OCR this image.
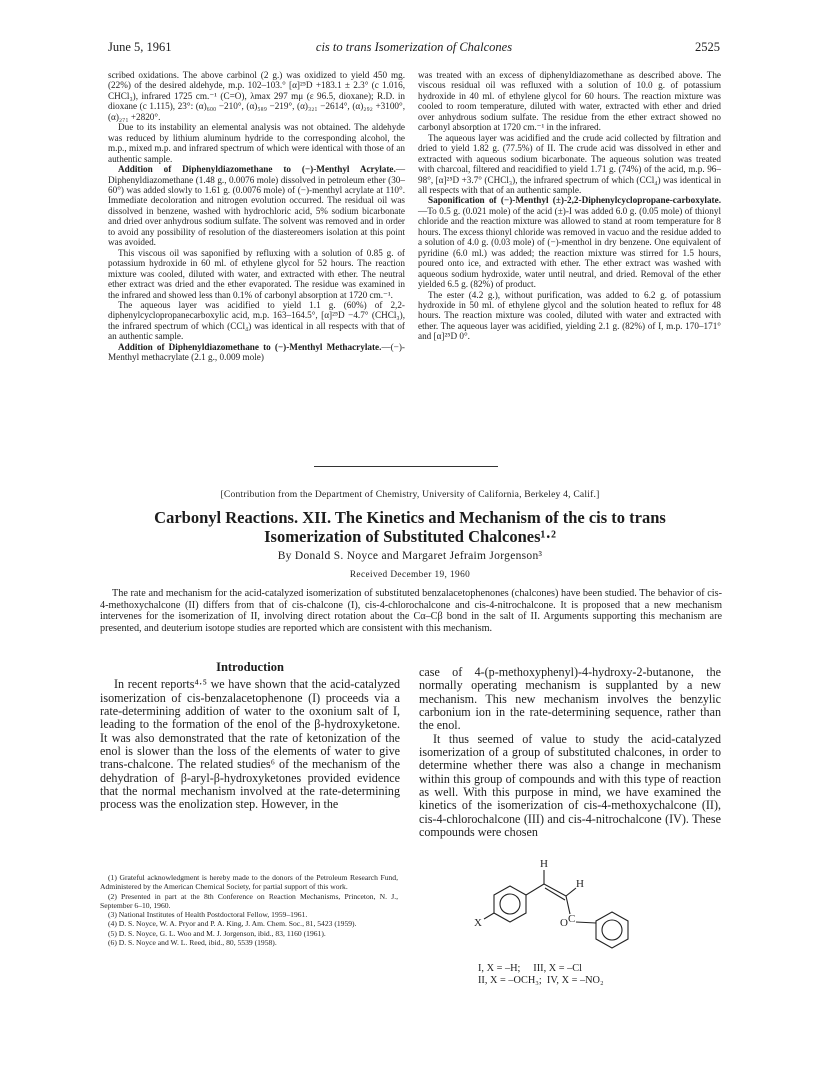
June 5, 1961	cis to trans Isomerization of Chalcones	2525

scribed oxidations. The above carbinol (2 g.) was oxidized to yield 450 mg. (22%) of the desired aldehyde, m.p. 102–103.° [α]²⁵D +183.1 ± 2.3° (c 1.016, CHCl₃), infrared 1725 cm.⁻¹ (C=O), λmax 297 mμ (ε 96.5, dioxane); R.D. in dioxane (c 1.115), 23°: (α)₆₀₀ −210°, (α)₅₈₉ −219°, (α)₃₂₁ −2614°, (α)₂₉₂ +3100°, (α)₂₇₁ +2820°.

Due to its instability an elemental analysis was not obtained. The aldehyde was reduced by lithium aluminum hydride to the corresponding alcohol, the m.p., mixed m.p. and infrared spectrum of which were identical with those of an authentic sample.

Addition of Diphenyldiazomethane to (−)-Menthyl Acrylate.—Diphenyldiazomethane (1.48 g., 0.0076 mole) dissolved in petroleum ether (30–60°) was added slowly to 1.61 g. (0.0076 mole) of (−)-menthyl acrylate at 110°. Immediate decoloration and nitrogen evolution occurred. The residual oil was dissolved in benzene, washed with hydrochloric acid, 5% sodium bicarbonate and dried over anhydrous sodium sulfate. The solvent was removed and in order to avoid any possibility of resolution of the diastereomers isolation at this point was avoided.

This viscous oil was saponified by refluxing with a solution of 0.85 g. of potassium hydroxide in 60 ml. of ethylene glycol for 52 hours. The reaction mixture was cooled, diluted with water, and extracted with ether. The neutral ether extract was dried and the ether evaporated. The residue was examined in the infrared and showed less than 0.1% of carbonyl absorption at 1720 cm.⁻¹.

The aqueous layer was acidified to yield 1.1 g. (60%) of 2,2-diphenylcyclopropanecarboxylic acid, m.p. 163–164.5°, [α]²⁵D −4.7° (CHCl₃), the infrared spectrum of which (CCl₄) was identical in all respects with that of an authentic sample.

Addition of Diphenyldiazomethane to (−)-Menthyl Methacrylate.—(−)-Menthyl methacrylate (2.1 g., 0.009 mole)

was treated with an excess of diphenyldiazomethane as described above. The viscous residual oil was refluxed with a solution of 10.0 g. of potassium hydroxide in 40 ml. of ethylene glycol for 60 hours. The reaction mixture was cooled to room temperature, diluted with water, extracted with ether and dried over anhydrous sodium sulfate. The residue from the ether extract showed no carbonyl absorption at 1720 cm.⁻¹ in the infrared.

The aqueous layer was acidified and the crude acid collected by filtration and dried to yield 1.82 g. (77.5%) of II. The crude acid was dissolved in ether and extracted with aqueous sodium bicarbonate. The aqueous solution was treated with charcoal, filtered and reacidified to yield 1.71 g. (74%) of the acid, m.p. 96–98°, [α]²⁵D +3.7° (CHCl₃), the infrared spectrum of which (CCl₄) was identical in all respects with that of an authentic sample.

Saponification of (−)-Menthyl (±)-2,2-Diphenylcyclopropane-carboxylate.—To 0.5 g. (0.021 mole) of the acid (±)-I was added 6.0 g. (0.05 mole) of thionyl chloride and the reaction mixture was allowed to stand at room temperature for 8 hours. The excess thionyl chloride was removed in vacuo and the residue added to a solution of 4.0 g. (0.03 mole) of (−)-menthol in dry benzene. One equivalent of pyridine (6.0 ml.) was added; the reaction mixture was stirred for 1.5 hours, poured onto ice, and extracted with ether. The ether extract was washed with aqueous sodium hydroxide, water until neutral, and dried. Removal of the ether yielded 6.5 g. (82%) of product.

The ester (4.2 g.), without purification, was added to 6.2 g. of potassium hydroxide in 50 ml. of ethylene glycol and the solution heated to reflux for 48 hours. The reaction mixture was cooled, diluted with water and extracted with ether. The aqueous layer was acidified, yielding 2.1 g. (82%) of I, m.p. 170–171° and [α]²⁵D 0°.

[Contribution from the Department of Chemistry, University of California, Berkeley 4, Calif.]
Carbonyl Reactions. XII. The Kinetics and Mechanism of the cis to trans
Isomerization of Substituted Chalcones¹·²
By Donald S. Noyce and Margaret Jefraim Jorgenson³
Received December 19, 1960

The rate and mechanism for the acid-catalyzed isomerization of substituted benzalacetophenones (chalcones) have been studied. The behavior of cis-4-methoxychalcone (II) differs from that of cis-chalcone (I), cis-4-chlorochalcone and cis-4-nitrochalcone. It is proposed that a new mechanism intervenes for the isomerization of II, involving direct rotation about the Cα–Cβ bond in the salt of II. Arguments supporting this mechanism are presented, and deuterium isotope studies are reported which are consistent with this mechanism.

Introduction

In recent reports⁴·⁵ we have shown that the acid-catalyzed isomerization of cis-benzalacetophenone (I) proceeds via a rate-determining addition of water to the oxonium salt of I, leading to the formation of the enol of the β-hydroxyketone. It was also demonstrated that the rate of ketonization of the enol is slower than the loss of the elements of water to give trans-chalcone. The related studies⁶ of the mechanism of the dehydration of β-aryl-β-hydroxyketones provided evidence that the normal mechanism involved at the rate-determining process was the enolization step. However, in the

case of 4-(p-methoxyphenyl)-4-hydroxy-2-butanone, the normally operating mechanism is supplanted by a new mechanism. This new mechanism involves the benzylic carbonium ion in the rate-determining sequence, rather than the enol.

It thus seemed of value to study the acid-catalyzed isomerization of a group of substituted chalcones, in order to determine whether there was also a change in mechanism within this group of compounds and with this type of reaction as well. With this purpose in mind, we have examined the kinetics of the isomerization of cis-4-methoxychalcone (II), cis-4-chlorochalcone (III) and cis-4-nitrochalcone (IV). These compounds were chosen

(1) Grateful acknowledgment is hereby made to the donors of the Petroleum Research Fund, Administered by the American Chemical Society, for partial support of this work.

(2) Presented in part at the 8th Conference on Reaction Mechanisms, Princeton, N. J., September 6–10, 1960.

(3) National Institutes of Health Postdoctoral Fellow, 1959–1961.

(4) D. S. Noyce, W. A. Pryor and P. A. King, J. Am. Chem. Soc., 81, 5423 (1959).

(5) D. S. Noyce, G. L. Woo and M. J. Jorgenson, ibid., 83, 1160 (1961).

(6) D. S. Noyce and W. L. Reed, ibid., 80, 5539 (1958).

H
H
X	O C
I, X = –H;     III, X = –Cl
II, X = –OCH₃;  IV, X = –NO₂
